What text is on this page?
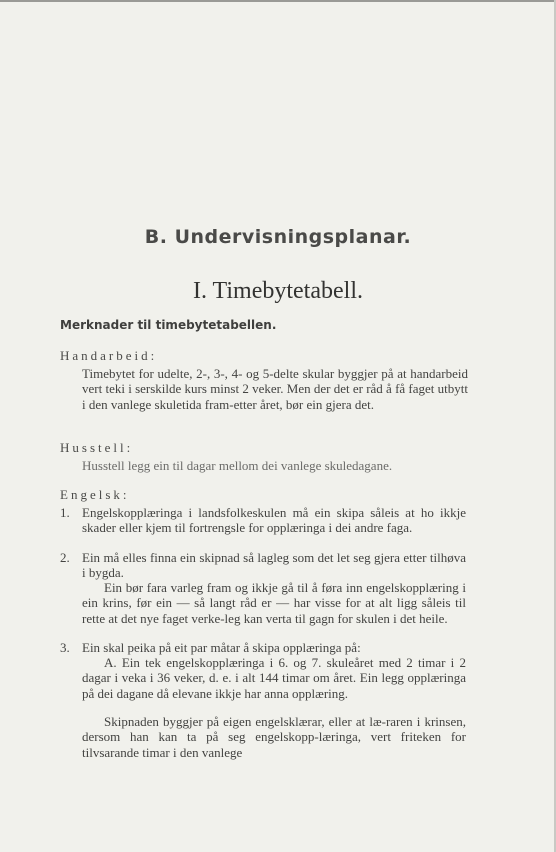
B. Undervisningsplanar.
I. Timebytetabell.
Merknader til timebytetabellen.
Handarbeid:
Timebytet for udelte, 2-, 3-, 4- og 5-delte skular byggjer på at handarbeid vert teki i serskilde kurs minst 2 veker. Men der det er råd å få faget utbytt i den vanlege skuletida fram-etter året, bør ein gjera det.
Husstell:
Husstell legg ein til dagar mellom dei vanlege skuledagane.
Engelsk:
1. Engelskopplæringa i landsfolkeskulen må ein skipa såleis at ho ikkje skader eller kjem til fortrengsle for opplæringa i dei andre faga.
2. Ein må elles finna ein skipnad så lagleg som det let seg gjera etter tilhøva i bygda.
Ein bør fara varleg fram og ikkje gå til å føra inn engelskopplæring i ein krins, før ein — så langt råd er — har visse for at alt ligg såleis til rette at det nye faget verke-leg kan verta til gagn for skulen i det heile.
3. Ein skal peika på eit par måtar å skipa opplæringa på:
A. Ein tek engelskopplæringa i 6. og 7. skuleåret med 2 timar i 2 dagar i veka i 36 veker, d. e. i alt 144 timar om året. Ein legg opplæringa på dei dagane då elevane ikkje har anna opplæring.
Skipnaden byggjer på eigen engelsklærar, eller at læ-raren i krinsen, dersom han kan ta på seg engelskopp-læringa, vert friteken for tilvsarande timar i den vanlege
